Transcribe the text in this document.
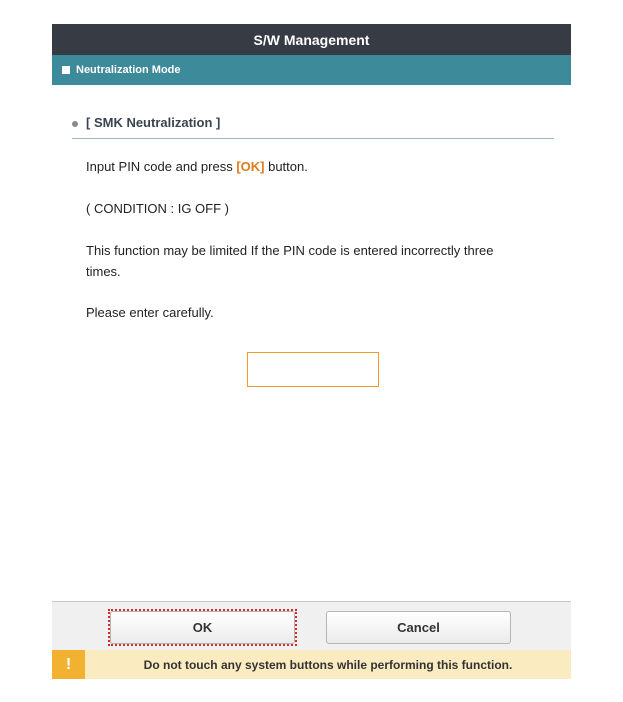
S/W Management
Neutralization Mode
[ SMK Neutralization ]

Input PIN code and press [OK] button.

( CONDITION : IG OFF )

This function may be limited If the PIN code is entered incorrectly three times.

Please enter carefully.

OK	Cancel
!	Do not touch any system buttons while performing this function.
